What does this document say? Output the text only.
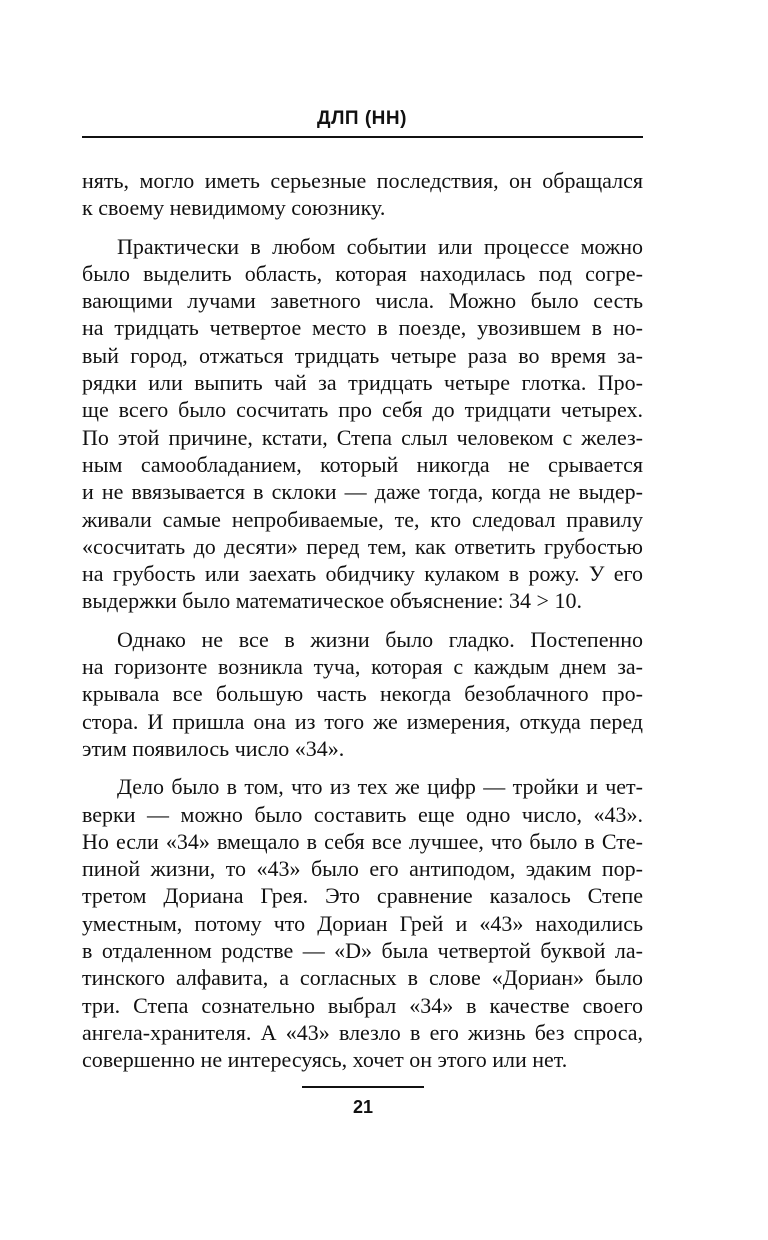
ДЛП (НН)
нять, могло иметь серьезные последствия, он обращался
к своему невидимому союзнику.
Практически в любом событии или процессе можно
было выделить область, которая находилась под согре-
вающими лучами заветного числа. Можно было сесть
на тридцать четвертое место в поезде, увозившем в но-
вый город, отжаться тридцать четыре раза во время за-
рядки или выпить чай за тридцать четыре глотка. Про-
ще всего было сосчитать про себя до тридцати четырех.
По этой причине, кстати, Степа слыл человеком с желез-
ным самообладанием, который никогда не срывается
и не ввязывается в склоки — даже тогда, когда не выдер-
живали самые непробиваемые, те, кто следовал правилу
«сосчитать до десяти» перед тем, как ответить грубостью
на грубость или заехать обидчику кулаком в рожу. У его
выдержки было математическое объяснение: 34 > 10.
Однако не все в жизни было гладко. Постепенно
на горизонте возникла туча, которая с каждым днем за-
крывала все большую часть некогда безоблачного про-
стора. И пришла она из того же измерения, откуда перед
этим появилось число «34».
Дело было в том, что из тех же цифр — тройки и чет-
верки — можно было составить еще одно число, «43».
Но если «34» вмещало в себя все лучшее, что было в Сте-
пиной жизни, то «43» было его антиподом, эдаким пор-
третом Дориана Грея. Это сравнение казалось Степе
уместным, потому что Дориан Грей и «43» находились
в отдаленном родстве — «D» была четвертой буквой ла-
тинского алфавита, а согласных в слове «Дориан» было
три. Степа сознательно выбрал «34» в качестве своего
ангела-хранителя. А «43» влезло в его жизнь без спроса,
совершенно не интересуясь, хочет он этого или нет.
21
